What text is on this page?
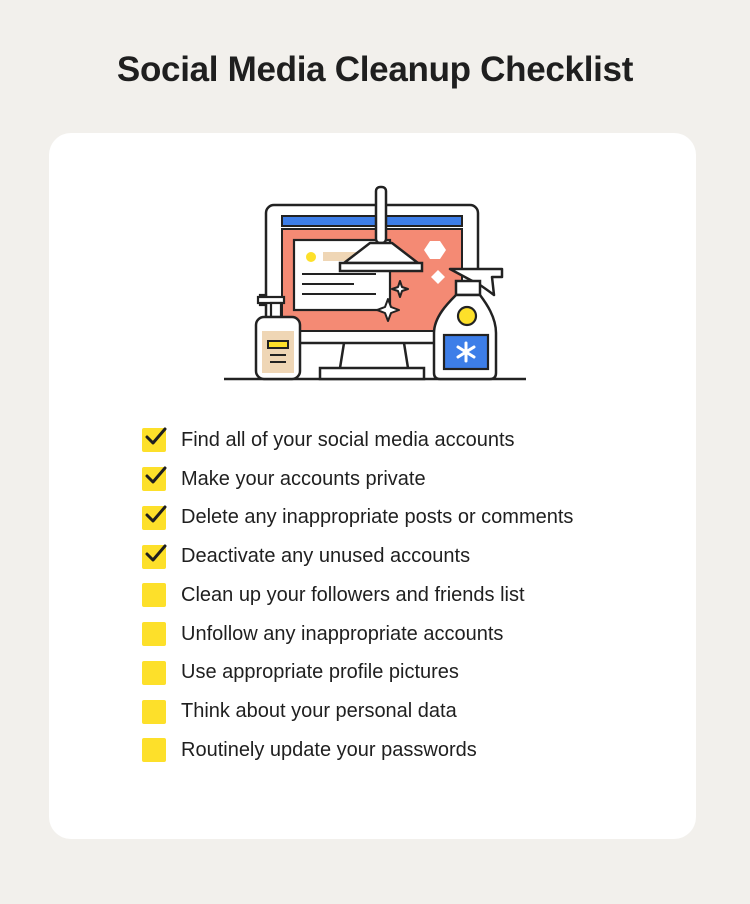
Social Media Cleanup Checklist
Find all of your social media accounts
Make your accounts private
Delete any inappropriate posts or comments
Deactivate any unused accounts
Clean up your followers and friends list
Unfollow any inappropriate accounts
Use appropriate profile pictures
Think about your personal data
Routinely update your passwords
